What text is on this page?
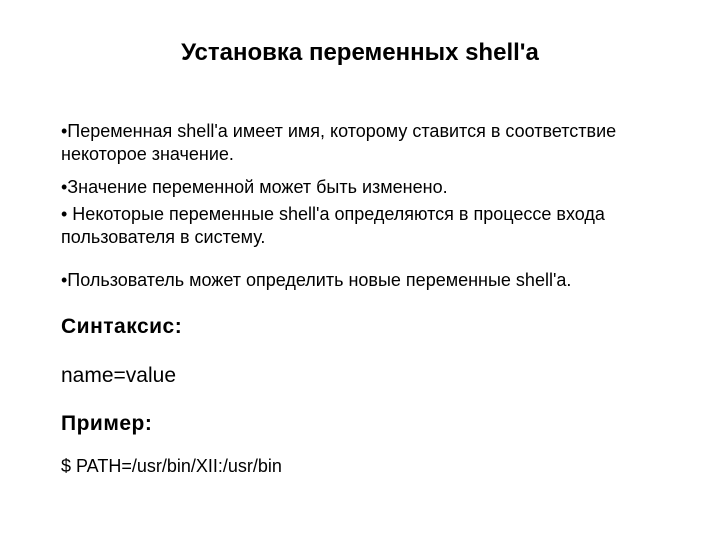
Установка переменных shell'a
•Переменная shell'a имеет имя, которому ставится в соответствие некоторое значение.
•Значение переменной может быть изменено.
• Некоторые переменные shell'a определяются в процессе входа пользователя в систему.
•Пользователь может определить новые переменные shell'a.
Синтаксис:
name=value
Пример:
$ PATH=/usr/bin/XII:/usr/bin
